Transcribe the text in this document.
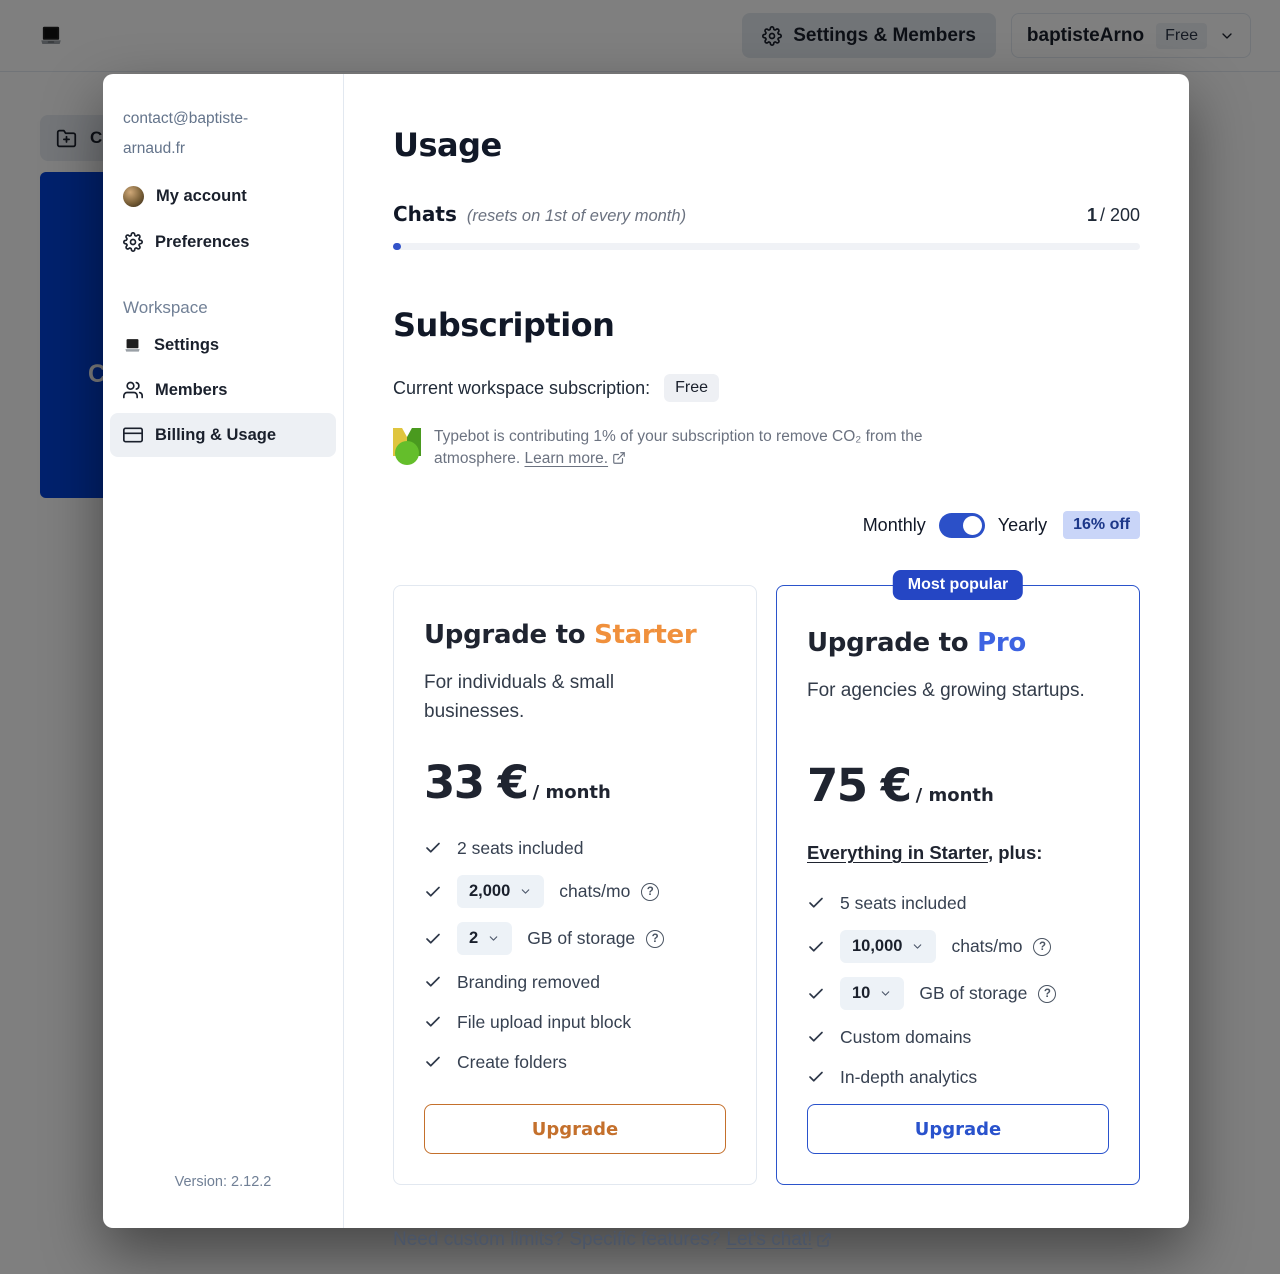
contact@baptiste-arnaud.fr
My account
Preferences
Workspace
Settings
Members
Billing & Usage
Version: 2.12.2
Usage
Chats (resets on 1st of every month)	1 / 200
Subscription
Current workspace subscription:	Free

Typebot is contributing 1% of your subscription to remove CO₂ from the atmosphere. Learn more.

Monthly	Yearly	16% off
Upgrade to Starter

For individuals & small businesses.

33 € / month
2 seats included
2,000	chats/mo	?
2	GB of storage	?
Branding removed
File upload input block
Create folders
Upgrade
Most popular
Upgrade to Pro

For agencies & growing startups.

75 € / month

Everything in Starter, plus:

5 seats included
10,000	chats/mo	?
10	GB of storage	?
Custom domains
In-depth analytics
Upgrade
Need custom limits? Specific features? Let's chat!
